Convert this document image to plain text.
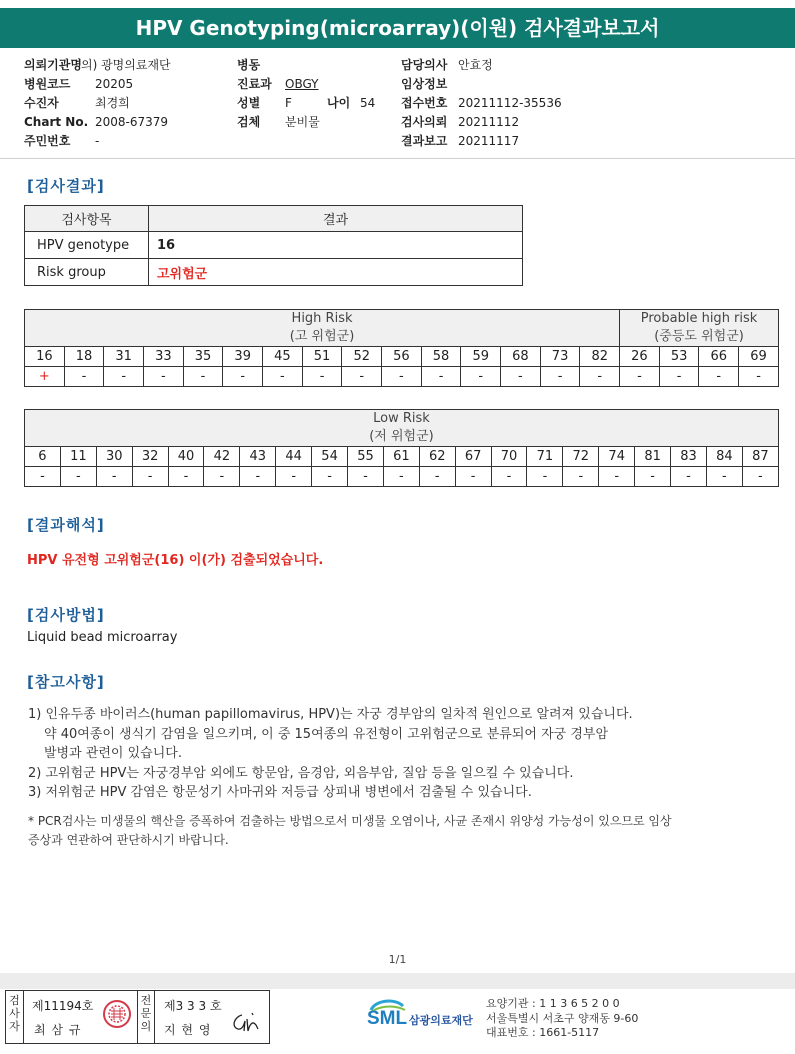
HPV Genotyping(microarray)(이원) 검사결과보고서
의뢰기관명의) 광명의료재단
병원코드 20205
수진자	최경희
Chart No. 2008-67379
주민번호 -
병동
진료과 OBGY
성별 F	나이 54
검체 분비물
담당의사 안효정
임상정보
접수번호 20211112-35536
검사의뢰 20211112
결과보고 20211117
[검사결과]
검사항목	결과
HPV genotype	16
Risk group	고위험군
High Risk
(고 위험군)															Probable high risk
(중등도 위험군)			
16	18	31	33	35	39	45	51	52	56	58	59	68	73	82	26	53	66	69
+	-	-	-	-	-	-	-	-	-	-	-	-	-	-	-	-	-	-
Low Risk
(저 위험군)																				
6	11	30	32	40	42	43	44	54	55	61	62	67	70	71	72	74	81	83	84	87
-	-	-	-	-	-	-	-	-	-	-	-	-	-	-	-	-	-	-	-	-
[결과해석]
HPV 유전형 고위험군(16) 이(가) 검출되었습니다.
[검사방법]
Liquid bead microarray
[참고사항]
1) 인유두종 바이러스(human papillomavirus, HPV)는 자궁 경부암의 일차적 원인으로 알려져 있습니다.
약 40여종이 생식기 감염을 일으키며, 이 중 15여종의 유전형이 고위험군으로 분류되어 자궁 경부암
발병과 관련이 있습니다.
2) 고위험군 HPV는 자궁경부암 외에도 항문암, 음경암, 외음부암, 질암 등을 일으킬 수 있습니다.
3) 저위험군 HPV 감염은 항문성기 사마귀와 저등급 상피내 병변에서 검출될 수 있습니다.
* PCR검사는 미생물의 핵산을 증폭하여 검출하는 방법으로서 미생물 오염이나, 사균 존재시 위양성 가능성이 있으므로 임상
증상과 연관하여 판단하시기 바랍니다.
1/1
검
사
자
제11194호
최 삼 규
전
문
의
제3 3 3 호
지 현 영
SML 삼광의료재단
요양기관 : 1 1 3 6 5 2 0 0
서울특별시 서초구 양재동 9-60
대표번호 : 1661-5117
